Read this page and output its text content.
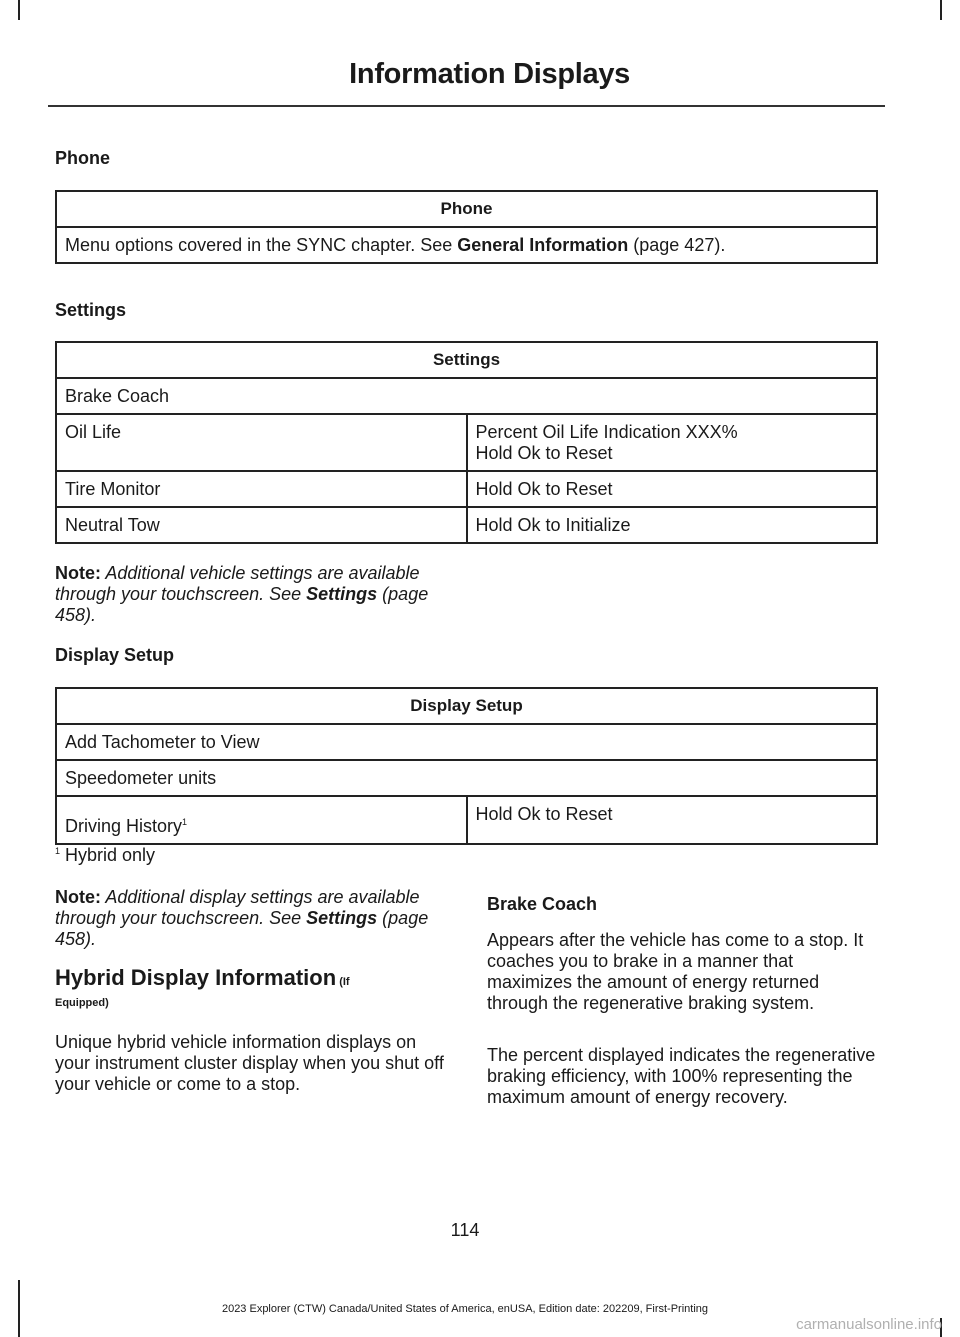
Information Displays
Phone
Phone
Menu options covered in the SYNC chapter. See General Information (page 427).
Settings
Settings	
Brake Coach	
Oil Life	Percent Oil Life Indication XXX%
Hold Ok to Reset
Tire Monitor	Hold Ok to Reset
Neutral Tow	Hold Ok to Initialize
Note: Additional vehicle settings are available through your touchscreen. See Settings (page 458).
Display Setup
Display Setup
Add Tachometer to View
Speedometer units
Driving History$^1$	Hold Ok to Reset
$^1$ Hybrid only
Note: Additional display settings are available through your touchscreen. See Settings (page 458).
Hybrid Display Information (If
Equipped)
Unique hybrid vehicle information displays on your instrument cluster display when you shut off your vehicle or come to a stop.
Brake Coach
Appears after the vehicle has come to a stop. It coaches you to brake in a manner that maximizes the amount of energy returned through the regenerative braking system.
The percent displayed indicates the regenerative braking efficiency, with 100% representing the maximum amount of energy recovery.
114
2023 Explorer (CTW) Canada/United States of America, enUSA, Edition date: 202209, First-Printing
carmanualsonline.info
